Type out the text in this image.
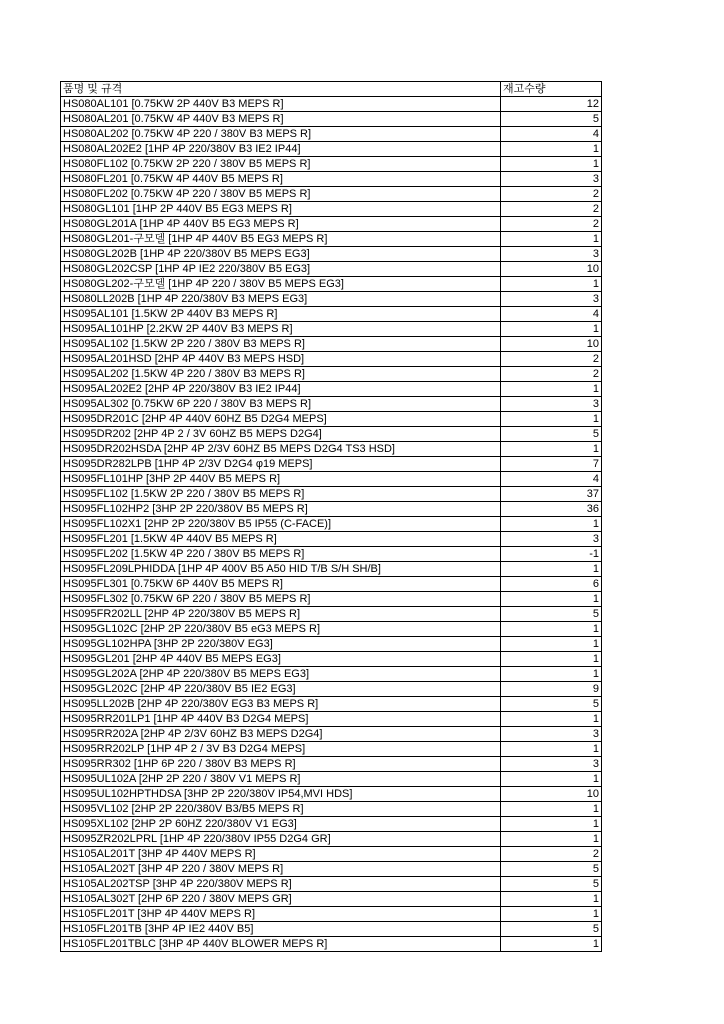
품명 및 규격	재고수량
HS080AL101 [0.75KW 2P 440V B3 MEPS R]	12
HS080AL201 [0.75KW 4P 440V B3 MEPS R]	5
HS080AL202 [0.75KW 4P 220 / 380V B3 MEPS R]	4
HS080AL202E2 [1HP 4P 220/380V B3 IE2 IP44]	1
HS080FL102 [0.75KW 2P 220 / 380V B5 MEPS R]	1
HS080FL201 [0.75KW 4P 440V B5 MEPS R]	3
HS080FL202 [0.75KW 4P 220 / 380V B5 MEPS R]	2
HS080GL101 [1HP 2P 440V B5 EG3 MEPS R]	2
HS080GL201A [1HP 4P 440V B5 EG3 MEPS R]	2
HS080GL201-구모델 [1HP 4P 440V B5 EG3 MEPS R]	1
HS080GL202B [1HP 4P 220/380V B5 MEPS EG3]	3
HS080GL202CSP [1HP 4P IE2 220/380V B5 EG3]	10
HS080GL202-구모델 [1HP 4P 220 / 380V B5 MEPS EG3]	1
HS080LL202B [1HP 4P 220/380V B3 MEPS EG3]	3
HS095AL101 [1.5KW 2P 440V B3 MEPS R]	4
HS095AL101HP [2.2KW 2P 440V B3 MEPS R]	1
HS095AL102 [1.5KW 2P 220 / 380V B3 MEPS R]	10
HS095AL201HSD [2HP 4P 440V B3 MEPS HSD]	2
HS095AL202 [1.5KW 4P 220 / 380V B3 MEPS R]	2
HS095AL202E2 [2HP 4P 220/380V B3 IE2 IP44]	1
HS095AL302 [0.75KW 6P 220 / 380V B3 MEPS R]	3
HS095DR201C [2HP 4P 440V 60HZ B5 D2G4 MEPS]	1
HS095DR202 [2HP 4P 2 / 3V 60HZ B5 MEPS D2G4]	5
HS095DR202HSDA [2HP 4P 2/3V 60HZ B5 MEPS D2G4 TS3 HSD]	1
HS095DR282LPB [1HP 4P 2/3V D2G4 φ19 MEPS]	7
HS095FL101HP [3HP 2P 440V B5 MEPS R]	4
HS095FL102 [1.5KW 2P 220 / 380V B5 MEPS R]	37
HS095FL102HP2 [3HP 2P 220/380V B5 MEPS R]	36
HS095FL102X1 [2HP 2P 220/380V B5 IP55 (C-FACE)]	1
HS095FL201 [1.5KW 4P 440V B5 MEPS R]	3
HS095FL202 [1.5KW 4P 220 / 380V B5 MEPS R]	-1
HS095FL209LPHIDDA [1HP 4P 400V B5 A50 HID T/B S/H SH/B]	1
HS095FL301 [0.75KW 6P 440V B5 MEPS R]	6
HS095FL302 [0.75KW 6P 220 / 380V B5 MEPS R]	1
HS095FR202LL [2HP 4P 220/380V B5 MEPS R]	5
HS095GL102C [2HP 2P 220/380V B5 eG3 MEPS R]	1
HS095GL102HPA [3HP 2P 220/380V EG3]	1
HS095GL201 [2HP 4P 440V B5 MEPS EG3]	1
HS095GL202A [2HP 4P 220/380V B5 MEPS EG3]	1
HS095GL202C [2HP 4P 220/380V B5 IE2 EG3]	9
HS095LL202B [2HP 4P 220/380V EG3 B3 MEPS R]	5
HS095RR201LP1 [1HP 4P 440V B3 D2G4 MEPS]	1
HS095RR202A [2HP 4P 2/3V 60HZ B3 MEPS D2G4]	3
HS095RR202LP [1HP 4P 2 / 3V B3 D2G4 MEPS]	1
HS095RR302 [1HP 6P 220 / 380V B3 MEPS R]	3
HS095UL102A [2HP 2P 220 / 380V V1 MEPS R]	1
HS095UL102HPTHDSA [3HP 2P 220/380V IP54,MVI HDS]	10
HS095VL102 [2HP 2P 220/380V B3/B5 MEPS R]	1
HS095XL102 [2HP 2P 60HZ 220/380V V1 EG3]	1
HS095ZR202LPRL [1HP 4P 220/380V IP55 D2G4 GR]	1
HS105AL201T [3HP 4P 440V MEPS R]	2
HS105AL202T [3HP 4P 220 / 380V MEPS R]	5
HS105AL202TSP [3HP 4P 220/380V MEPS R]	5
HS105AL302T [2HP 6P 220 / 380V MEPS GR]	1
HS105FL201T [3HP 4P 440V MEPS R]	1
HS105FL201TB [3HP 4P IE2 440V B5]	5
HS105FL201TBLC [3HP 4P 440V BLOWER MEPS R]	1
